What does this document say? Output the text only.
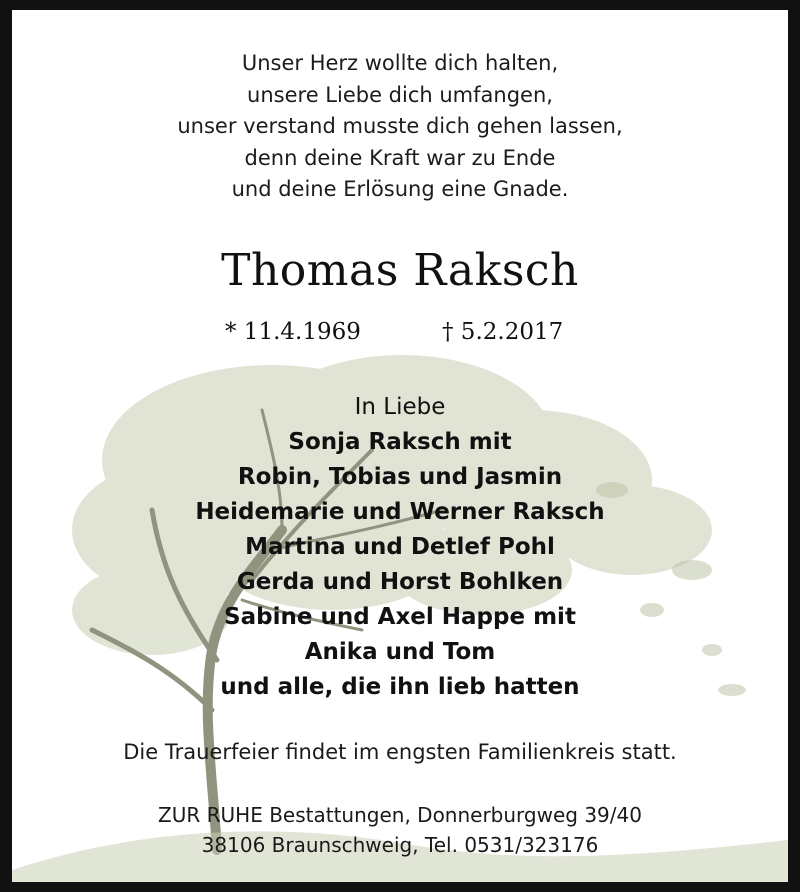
Unser Herz wollte dich halten,
unsere Liebe dich umfangen,
unser verstand musste dich gehen lassen,
denn deine Kraft war zu Ende
und deine Erlösung eine Gnade.
Thomas Raksch
* 11.4.1969	† 5.2.2017
In Liebe
Sonja Raksch mit
Robin, Tobias und Jasmin
Heidemarie und Werner Raksch
Martina und Detlef Pohl
Gerda und Horst Bohlken
Sabine und Axel Happe mit
Anika und Tom
und alle, die ihn lieb hatten
Die Trauerfeier findet im engsten Familienkreis statt.
ZUR RUHE Bestattungen, Donnerburgweg 39/40
38106 Braunschweig, Tel. 0531/323176
